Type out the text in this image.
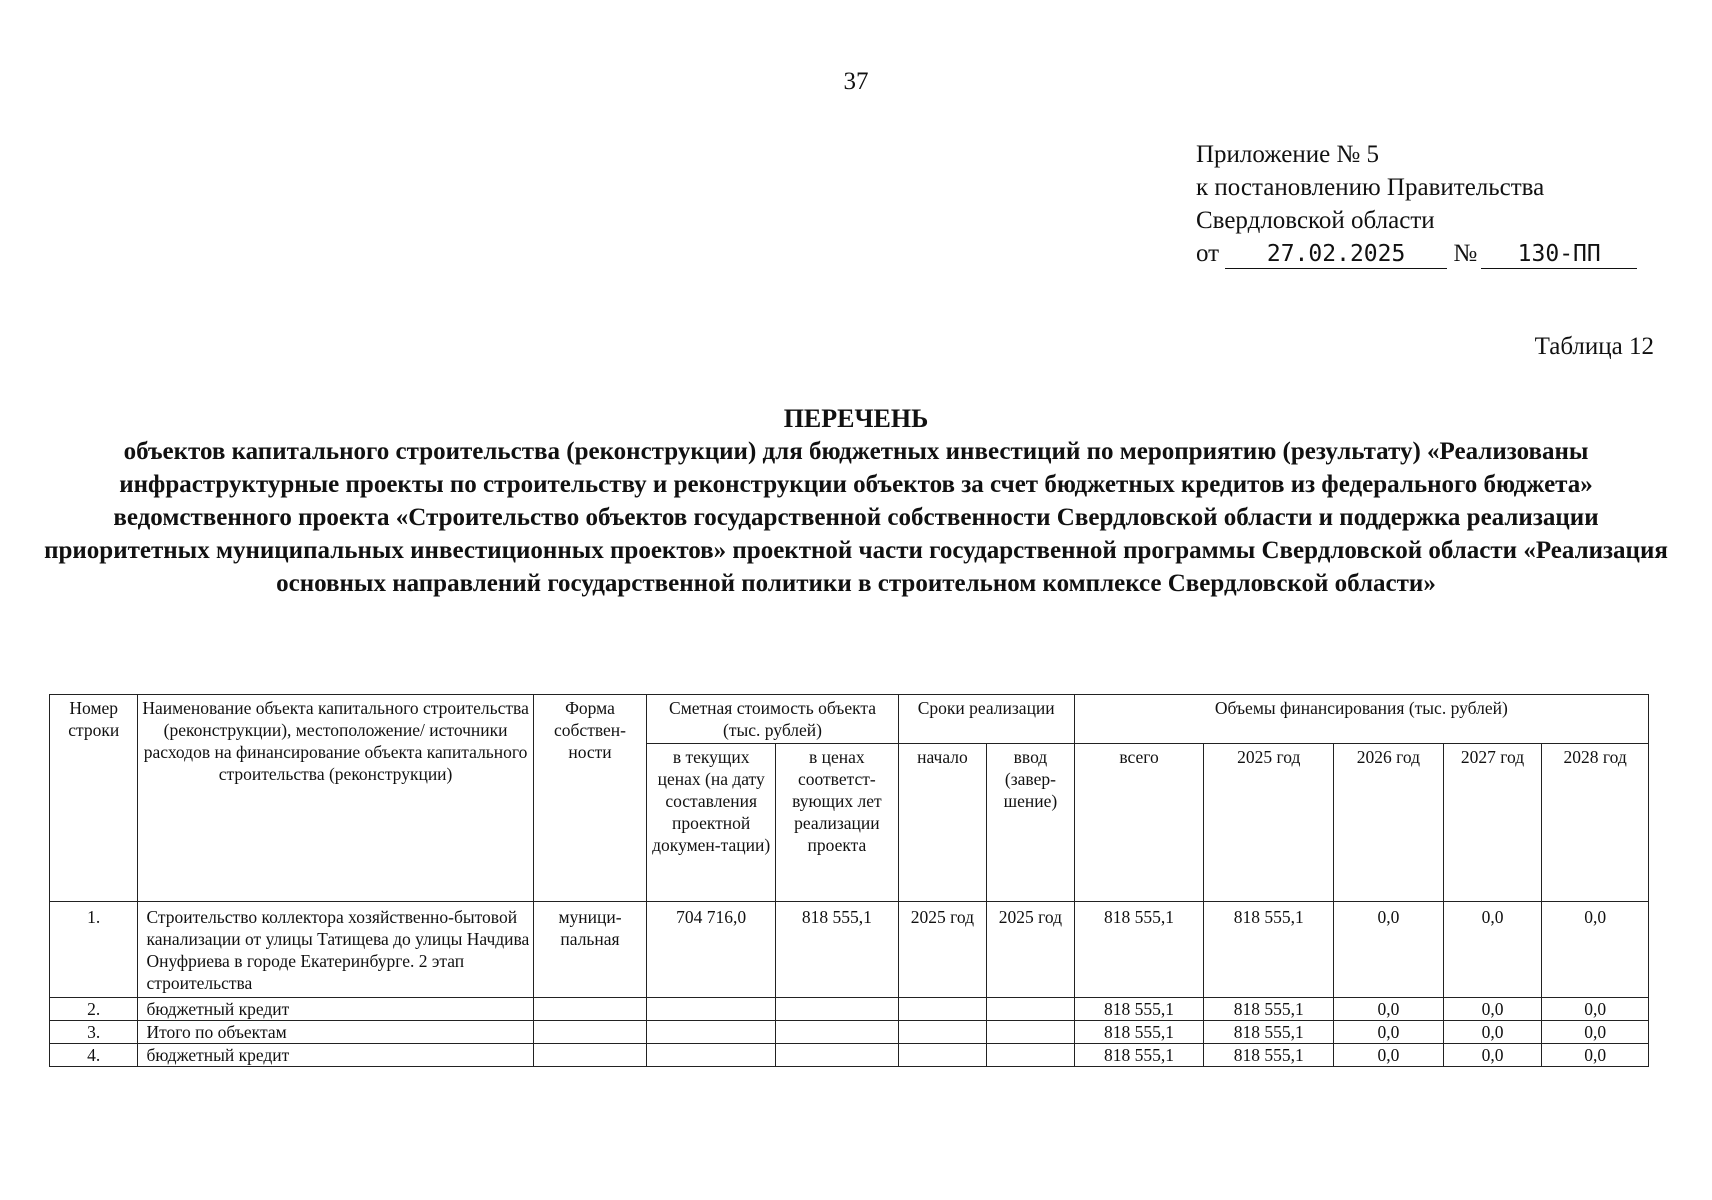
37
Приложение № 5
к постановлению Правительства
Свердловской области
от 27.02.2025 № 130-ПП
Таблица 12
ПЕРЕЧЕНЬ
объектов капитального строительства (реконструкции) для бюджетных инвестиций по мероприятию (результату) «Реализованы инфраструктурные проекты по строительству и реконструкции объектов за счет бюджетных кредитов из федерального бюджета» ведомственного проекта «Строительство объектов государственной собственности Свердловской области и поддержка реализации приоритетных муниципальных инвестиционных проектов» проектной части государственной программы Свердловской области «Реализация основных направлений государственной политики в строительном комплексе Свердловской области»
Номер строки	Наименование объекта капитального строительства (реконструкции), местоположение/ источники расходов на финансирование объекта капитального строительства (реконструкции)	Форма собствен-ности	Сметная стоимость объекта (тыс. рублей)		Сроки реализации		Объемы финансирования (тыс. рублей)				
			в текущих ценах (на дату составления проектной докумен-тации)	в ценах соответст-вующих лет реализации проекта	начало	ввод (завер-шение)	всего	2025 год	2026 год	2027 год	2028 год
1.	Строительство коллектора хозяйственно-бытовой канализации от улицы Татищева до улицы Начдива Онуфриева в городе Екатеринбурге. 2 этап строительства	муници-пальная	704 716,0	818 555,1	2025 год	2025 год	818 555,1	818 555,1	0,0	0,0	0,0
2.	бюджетный кредит						818 555,1	818 555,1	0,0	0,0	0,0
3.	Итого по объектам						818 555,1	818 555,1	0,0	0,0	0,0
4.	бюджетный кредит						818 555,1	818 555,1	0,0	0,0	0,0
